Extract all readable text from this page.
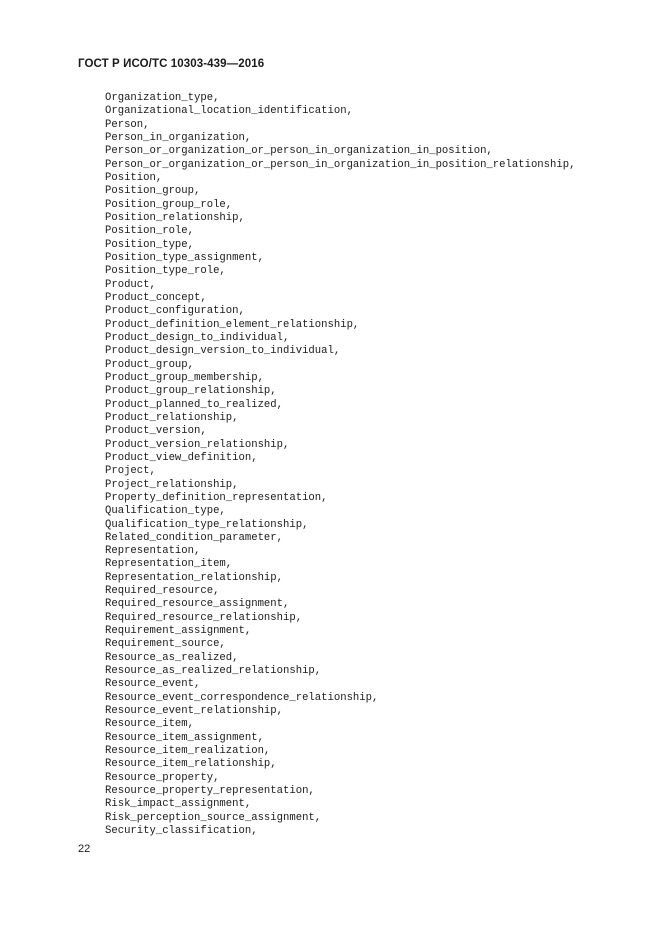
ГОСТ Р ИСО/ТС 10303-439—2016
Organization_type,
Organizational_location_identification,
Person,
Person_in_organization,
Person_or_organization_or_person_in_organization_in_position,
Person_or_organization_or_person_in_organization_in_position_relationship,
Position,
Position_group,
Position_group_role,
Position_relationship,
Position_role,
Position_type,
Position_type_assignment,
Position_type_role,
Product,
Product_concept,
Product_configuration,
Product_definition_element_relationship,
Product_design_to_individual,
Product_design_version_to_individual,
Product_group,
Product_group_membership,
Product_group_relationship,
Product_planned_to_realized,
Product_relationship,
Product_version,
Product_version_relationship,
Product_view_definition,
Project,
Project_relationship,
Property_definition_representation,
Qualification_type,
Qualification_type_relationship,
Related_condition_parameter,
Representation,
Representation_item,
Representation_relationship,
Required_resource,
Required_resource_assignment,
Required_resource_relationship,
Requirement_assignment,
Requirement_source,
Resource_as_realized,
Resource_as_realized_relationship,
Resource_event,
Resource_event_correspondence_relationship,
Resource_event_relationship,
Resource_item,
Resource_item_assignment,
Resource_item_realization,
Resource_item_relationship,
Resource_property,
Resource_property_representation,
Risk_impact_assignment,
Risk_perception_source_assignment,
Security_classification,
22
